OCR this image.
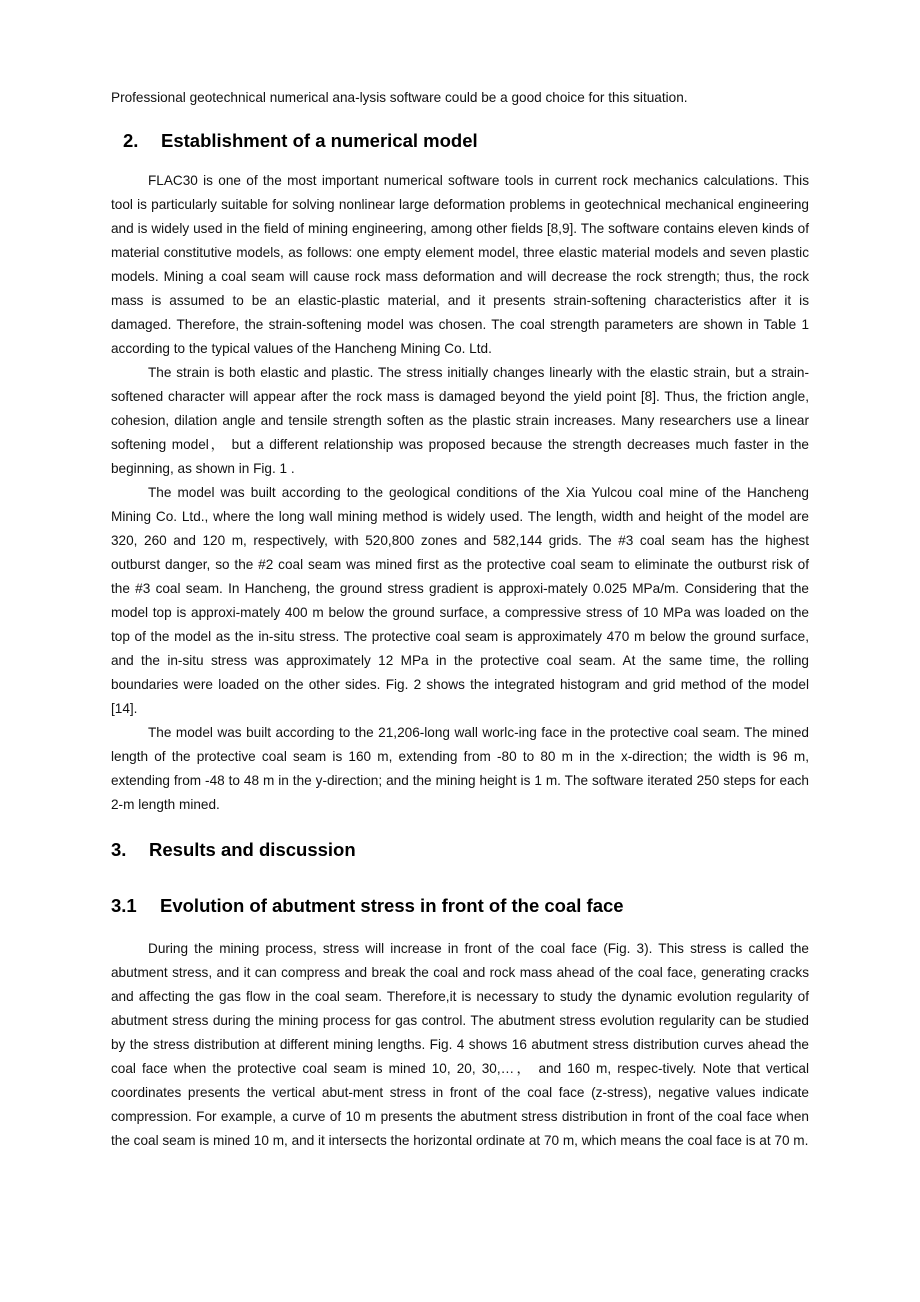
Professional geotechnical numerical ana-lysis software could be a good choice for this situation.

2. Establishment of a numerical model

FLAC30 is one of the most important numerical software tools in current rock mechanics calculations. This tool is particularly suitable for solving nonlinear large deformation problems in geotechnical mechanical engineering and is widely used in the field of mining engineering, among other fields [8,9]. The software contains eleven kinds of material constitutive models, as follows: one empty element model, three elastic material models and seven plastic models. Mining a coal seam will cause rock mass deformation and will decrease the rock strength; thus, the rock mass is assumed to be an elastic-plastic material, and it presents strain-softening characteristics after it is damaged. Therefore, the strain-softening model was chosen. The coal strength parameters are shown in Table 1 according to the typical values of the Hancheng Mining Co. Ltd.

The strain is both elastic and plastic. The stress initially changes linearly with the elastic strain, but a strain-softened character will appear after the rock mass is damaged beyond the yield point [8]. Thus, the friction angle, cohesion, dilation angle and tensile strength soften as the plastic strain increases. Many researchers use a linear softening model， but a different relationship was proposed because the strength decreases much faster in the beginning, as shown in Fig. 1 .

The model was built according to the geological conditions of the Xia Yulcou coal mine of the Hancheng Mining Co. Ltd., where the long wall mining method is widely used. The length, width and height of the model are 320, 260 and 120 m, respectively, with 520,800 zones and 582,144 grids. The #3 coal seam has the highest outburst danger, so the #2 coal seam was mined first as the protective coal seam to eliminate the outburst risk of the #3 coal seam. In Hancheng, the ground stress gradient is approxi-mately 0.025 MPa/m. Considering that the model top is approxi-mately 400 m below the ground surface, a compressive stress of 10 MPa was loaded on the top of the model as the in-situ stress. The protective coal seam is approximately 470 m below the ground surface, and the in-situ stress was approximately 12 MPa in the protective coal seam. At the same time, the rolling boundaries were loaded on the other sides. Fig. 2 shows the integrated histogram and grid method of the model [14].

The model was built according to the 21,206-long wall worlc-ing face in the protective coal seam. The mined length of the protective coal seam is 160 m, extending from -80 to 80 m in the x-direction; the width is 96 m, extending from -48 to 48 m in the y-direction; and the mining height is 1 m. The software iterated 250 steps for each 2-m length mined.

3. Results and discussion
3.1 Evolution of abutment stress in front of the coal face

During the mining process, stress will increase in front of the coal face (Fig. 3). This stress is called the abutment stress, and it can compress and break the coal and rock mass ahead of the coal face, generating cracks and affecting the gas flow in the coal seam. Therefore,it is necessary to study the dynamic evolution regularity of abutment stress during the mining process for gas control. The abutment stress evolution regularity can be studied by the stress distribution at different mining lengths. Fig. 4 shows 16 abutment stress distribution curves ahead the coal face when the protective coal seam is mined 10, 20, 30,…， and 160 m, respec-tively. Note that vertical coordinates presents the vertical abut-ment stress in front of the coal face (z-stress), negative values indicate compression. For example, a curve of 10 m presents the abutment stress distribution in front of the coal face when the coal seam is mined 10 m, and it intersects the horizontal ordinate at 70 m, which means the coal face is at 70 m.
